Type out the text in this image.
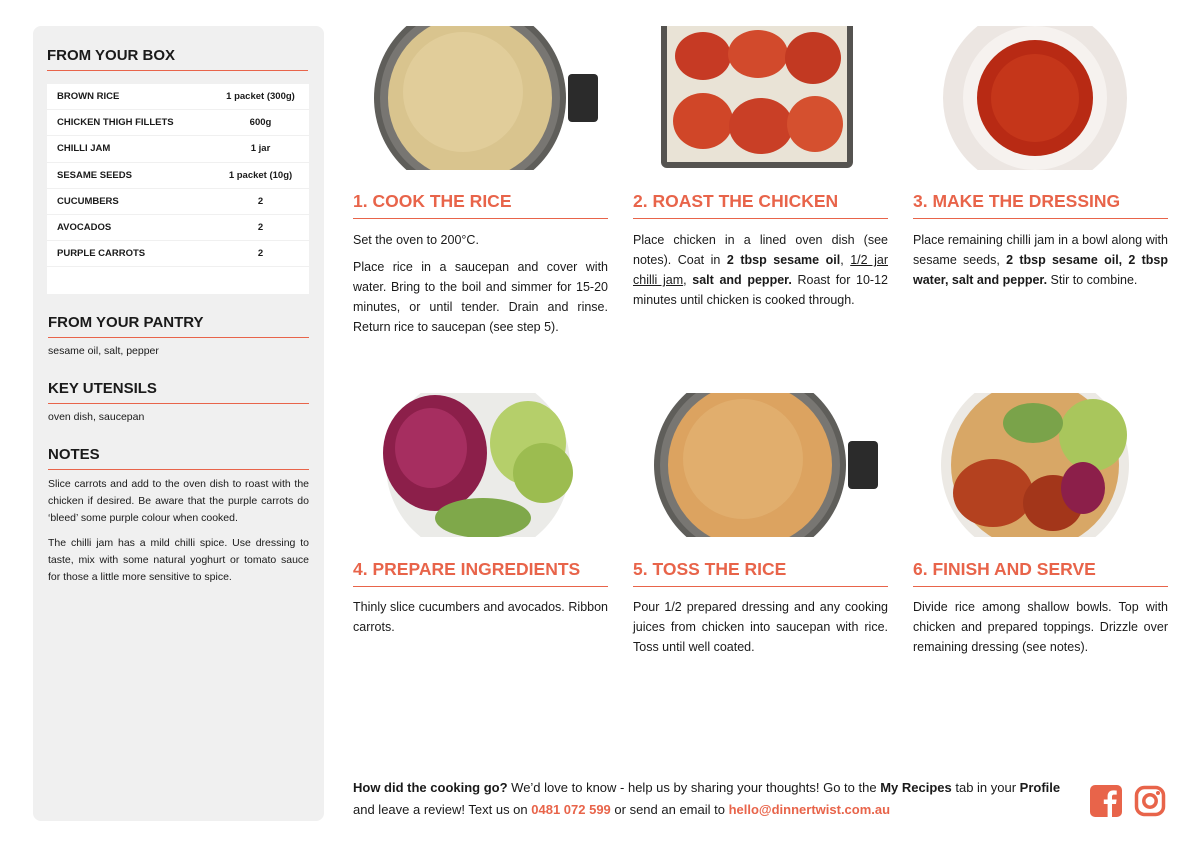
FROM YOUR BOX
BROWN RICE	1 packet (300g)
CHICKEN THIGH FILLETS	600g
CHILLI JAM	1 jar
SESAME SEEDS	1 packet (10g)
CUCUMBERS	2
AVOCADOS	2
PURPLE CARROTS	2
FROM YOUR PANTRY
sesame oil, salt, pepper
KEY UTENSILS
oven dish, saucepan
NOTES

Slice carrots and add to the oven dish to roast with the chicken if desired. Be aware that the purple carrots do ‘bleed’ some purple colour when cooked.

The chilli jam has a mild chilli spice. Use dressing to taste, mix with some natural yoghurt or tomato sauce for those a little more sensitive to spice.

1. COOK THE RICE	2. ROAST THE CHICKEN	3. MAKE THE DRESSING
4. PREPARE INGREDIENTS	5. TOSS THE RICE	6. FINISH AND SERVE

Set the oven to 200°C.

Place rice in a saucepan and cover with water. Bring to the boil and simmer for 15-20 minutes, or until tender. Drain and rinse. Return rice to saucepan (see step 5).

Place chicken in a lined oven dish (see notes). Coat in 2 tbsp sesame oil, 1/2 jar chilli jam, salt and pepper. Roast for 10-12 minutes until chicken is cooked through.

Place remaining chilli jam in a bowl along with sesame seeds, 2 tbsp sesame oil, 2 tbsp water, salt and pepper. Stir to combine.

Thinly slice cucumbers and avocados. Ribbon carrots.

Pour 1/2 prepared dressing and any cooking juices from chicken into saucepan with rice. Toss until well coated.

Divide rice among shallow bowls. Top with chicken and prepared toppings. Drizzle over remaining dressing (see notes).

How did the cooking go? We’d love to know - help us by sharing your thoughts! Go to the My Recipes tab in your Profile and leave a review! Text us on 0481 072 599 or send an email to hello@dinnertwist.com.au
